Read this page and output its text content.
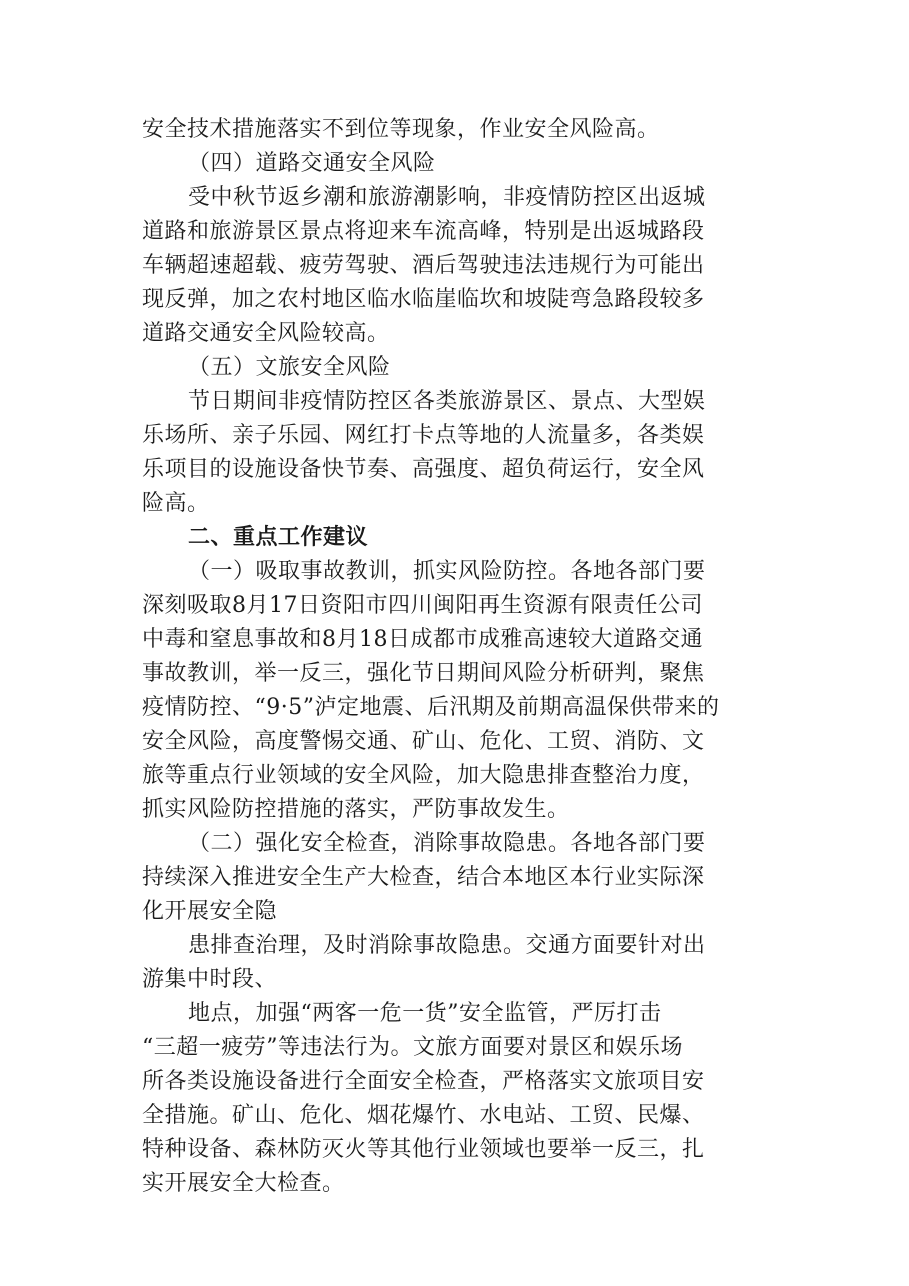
安全技术措施落实不到位等现象，作业安全风险高。
（四）道路交通安全风险
受中秋节返乡潮和旅游潮影响，非疫情防控区出返城
道路和旅游景区景点将迎来车流高峰，特别是出返城路段
车辆超速超载、疲劳驾驶、酒后驾驶违法违规行为可能出
现反弹，加之农村地区临水临崖临坎和坡陡弯急路段较多
道路交通安全风险较高。
（五）文旅安全风险
节日期间非疫情防控区各类旅游景区、景点、大型娱
乐场所、亲子乐园、网红打卡点等地的人流量多，各类娱
乐项目的设施设备快节奏、高强度、超负荷运行，安全风
险高。
二、重点工作建议
（一）吸取事故教训，抓实风险防控。各地各部门要
深刻吸取8月17日资阳市四川闽阳再生资源有限责任公司
中毒和窒息事故和8月18日成都市成雅高速较大道路交通
事故教训，举一反三，强化节日期间风险分析研判，聚焦
疫情防控、“9·5”泸定地震、后汛期及前期高温保供带来的
安全风险，高度警惕交通、矿山、危化、工贸、消防、文
旅等重点行业领域的安全风险，加大隐患排查整治力度，
抓实风险防控措施的落实，严防事故发生。
（二）强化安全检查，消除事故隐患。各地各部门要
持续深入推进安全生产大检查，结合本地区本行业实际深
化开展安全隐
患排查治理，及时消除事故隐患。交通方面要针对出
游集中时段、
地点，加强“两客一危一货”安全监管，严厉打击
“三超一疲劳”等违法行为。文旅方面要对景区和娱乐场
所各类设施设备进行全面安全检查，严格落实文旅项目安
全措施。矿山、危化、烟花爆竹、水电站、工贸、民爆、
特种设备、森林防灭火等其他行业领域也要举一反三，扎
实开展安全大检查。
